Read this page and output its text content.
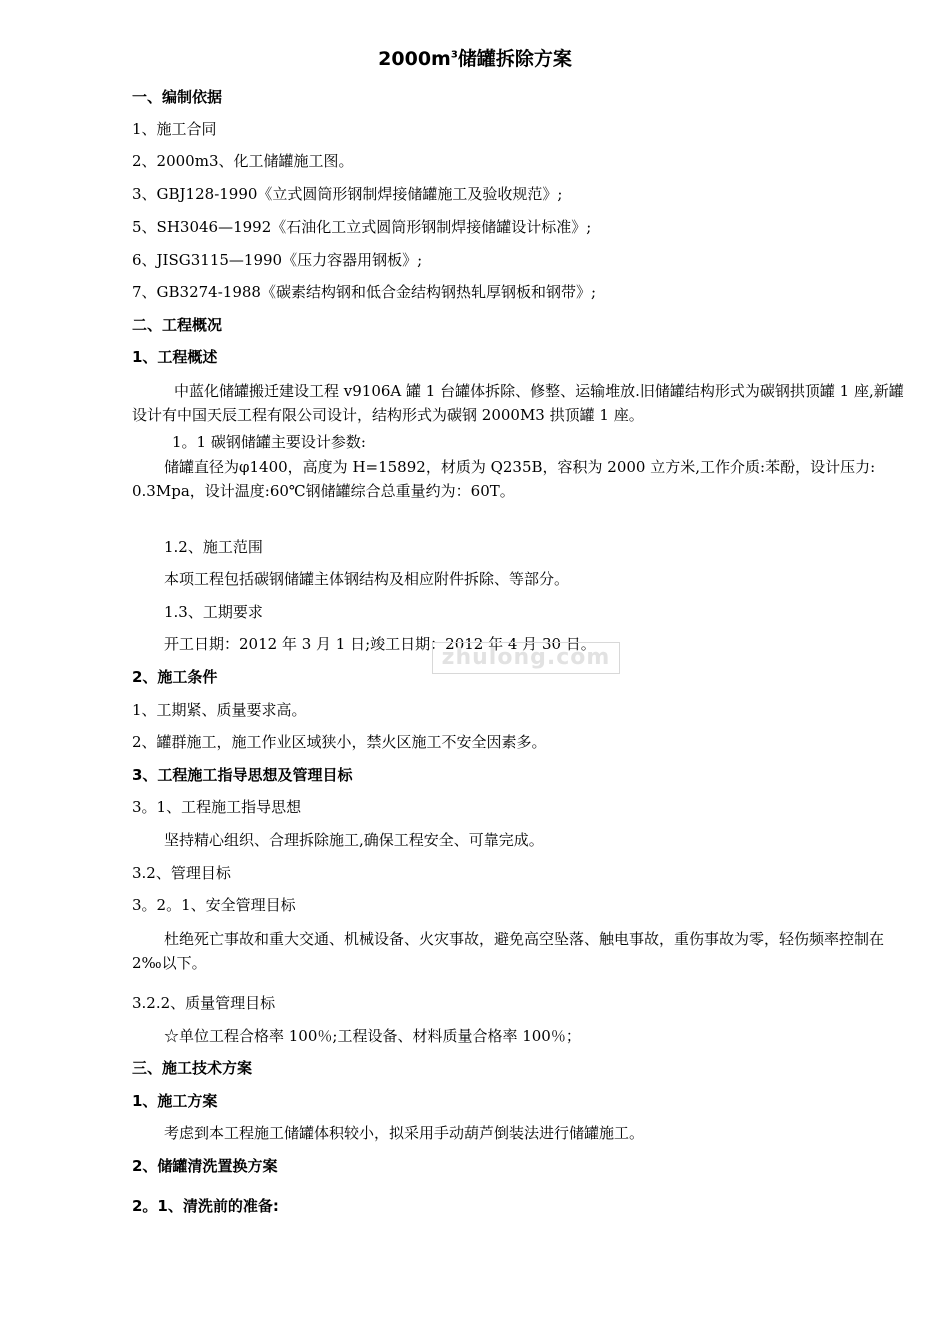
$2000m^3$储罐拆除方案
一、编制依据
1、施工合同
2、2000m3、化工储罐施工图。
3、GBJ128-1990《立式圆筒形钢制焊接储罐施工及验收规范》;
5、SH3046—1992《石油化工立式圆筒形钢制焊接储罐设计标准》;
6、JISG3115—1990《压力容器用钢板》;
7、GB3274-1988《碳素结构钢和低合金结构钢热轧厚钢板和钢带》;
二、工程概况
1、工程概述
中蓝化储罐搬迁建设工程 v9106A 罐 1 台罐体拆除、修整、运输堆放.旧储罐结构形式为碳钢拱顶罐 1 座,新罐设计有中国天辰工程有限公司设计，结构形式为碳钢 2000M3 拱顶罐 1 座。
1。1 碳钢储罐主要设计参数:
储罐直径为φ1400，高度为 H=15892，材质为 Q235B，容积为 2000 立方米,工作介质:苯酚，设计压力: 0.3Mpa，设计温度:60℃钢储罐综合总重量约为：60T。
1.2、施工范围
本项工程包括碳钢储罐主体钢结构及相应附件拆除、等部分。
1.3、工期要求
开工日期：2012 年 3 月 1 日;竣工日期：2012 年 4 月 30 日。
zhulong.com
2、施工条件
1、工期紧、质量要求高。
2、罐群施工，施工作业区域狭小，禁火区施工不安全因素多。
3、工程施工指导思想及管理目标
3。1、工程施工指导思想
坚持精心组织、合理拆除施工,确保工程安全、可靠完成。
3.2、管理目标
3。2。1、安全管理目标
杜绝死亡事故和重大交通、机械设备、火灾事故，避免高空坠落、触电事故，重伤事故为零，轻伤频率控制在 2‰以下。
3.2.2、质量管理目标
☆单位工程合格率 100％;工程设备、材料质量合格率 100％；
三、施工技术方案
1、施工方案
考虑到本工程施工储罐体积较小，拟采用手动葫芦倒装法进行储罐施工。
2、储罐清洗置换方案
2。1、清洗前的准备:
